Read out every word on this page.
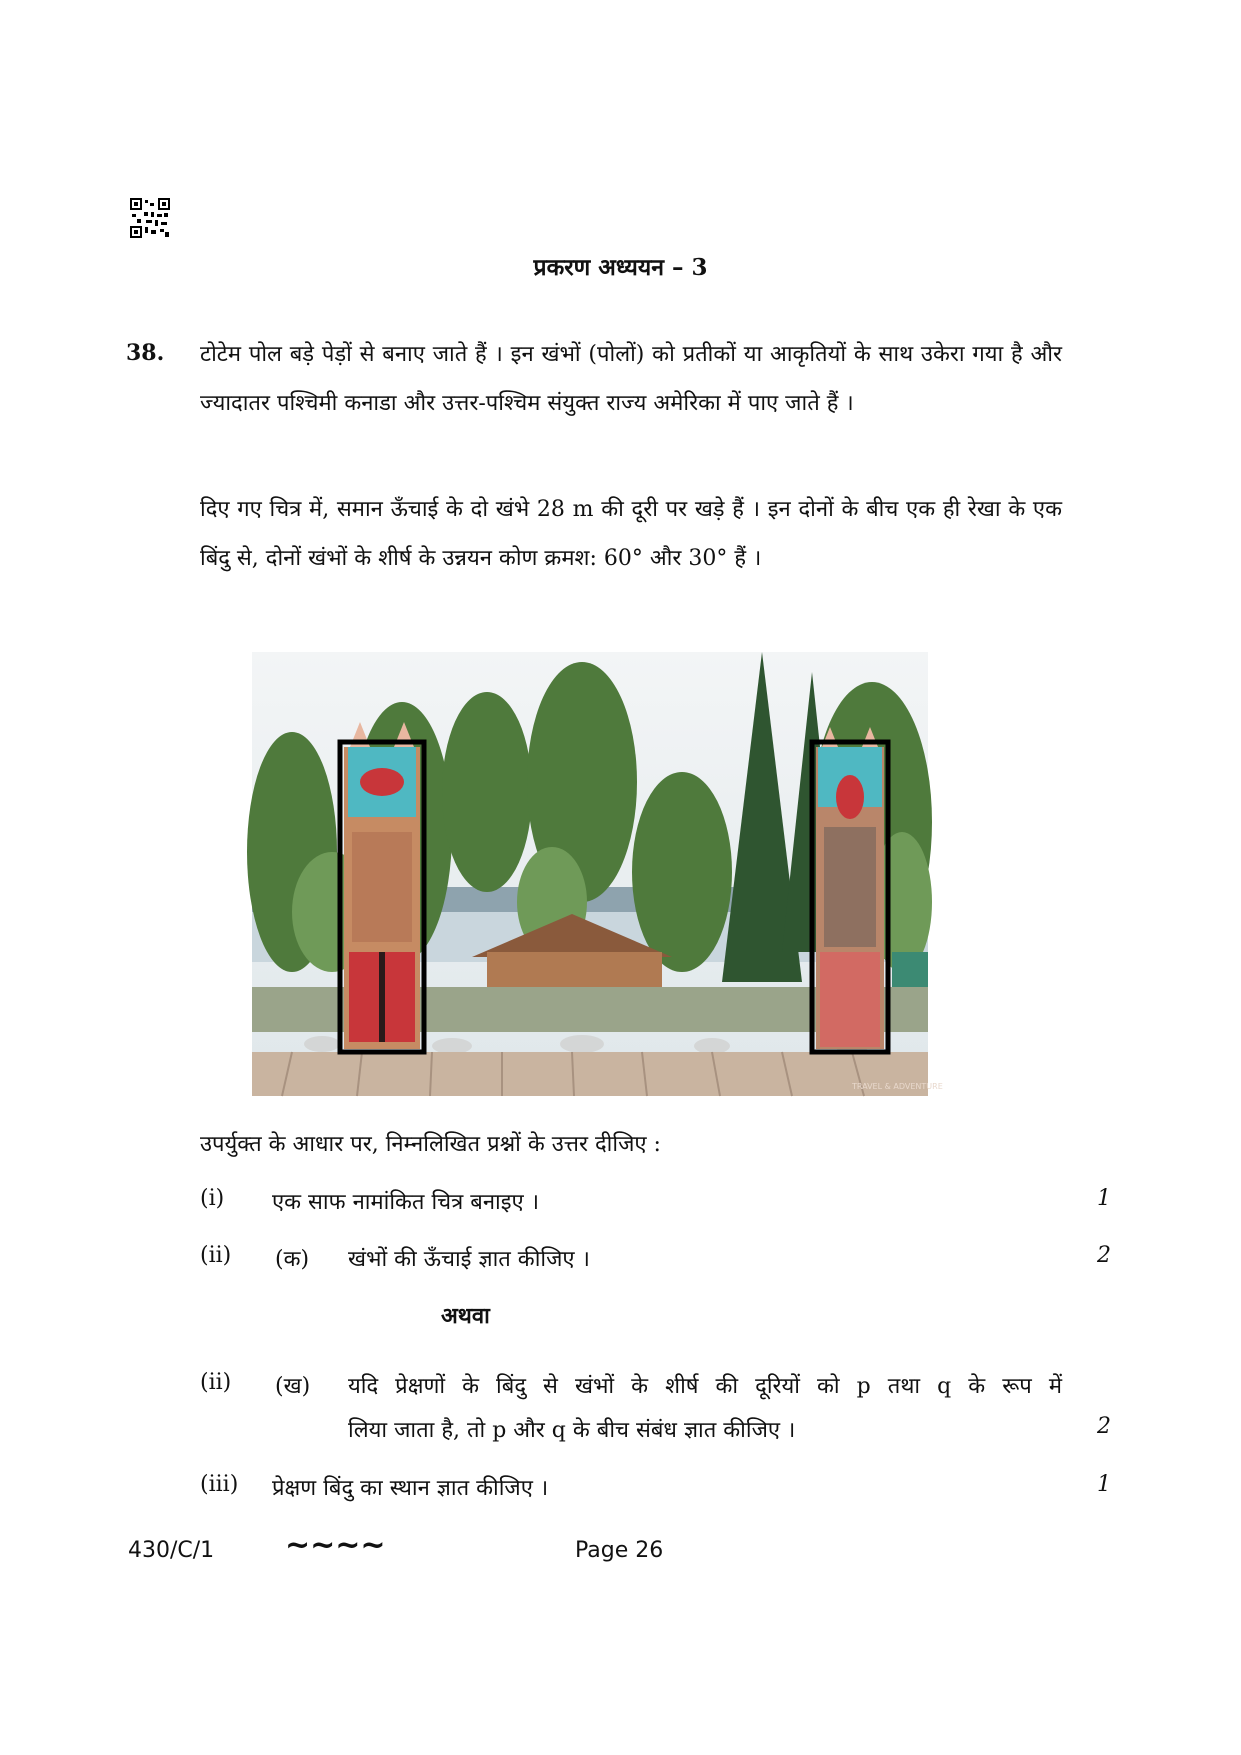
प्रकरण अध्ययन – 3
38. टोटेम पोल बड़े पेड़ों से बनाए जाते हैं । इन खंभों (पोलों) को प्रतीकों या आकृतियों के साथ उकेरा गया है और ज्यादातर पश्चिमी कनाडा और उत्तर-पश्चिम संयुक्त राज्य अमेरिका में पाए जाते हैं ।
दिए गए चित्र में, समान ऊँचाई के दो खंभे 28 m की दूरी पर खड़े हैं । इन दोनों के बीच एक ही रेखा के एक बिंदु से, दोनों खंभों के शीर्ष के उन्नयन कोण क्रमश: 60° और 30° हैं ।
TRAVEL & ADVENTURE
उपर्युक्त के आधार पर, निम्नलिखित प्रश्नों के उत्तर दीजिए :
(i) एक साफ नामांकित चित्र बनाइए ।	1
(ii) (क) खंभों की ऊँचाई ज्ञात कीजिए ।	2
अथवा
(ii) (ख) यदि प्रेक्षणों के बिंदु से खंभों के शीर्ष की दूरियों को p तथा q के रूप में
लिया जाता है, तो p और q के बीच संबंध ज्ञात कीजिए ।	2
(iii) प्रेक्षण बिंदु का स्थान ज्ञात कीजिए ।	1
430/C/1 ~~~~	Page 26
